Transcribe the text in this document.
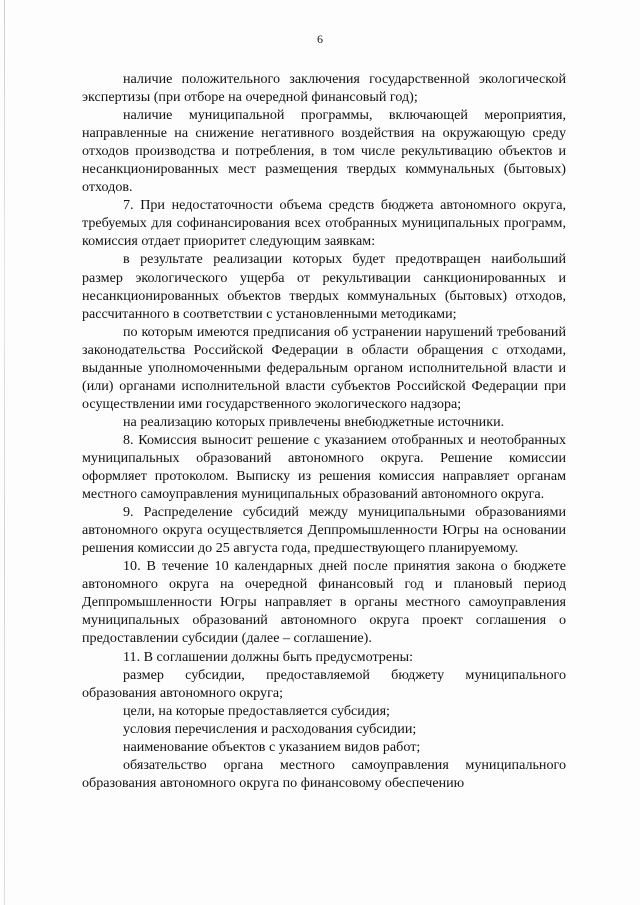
6

наличие положительного заключения государственной экологической экспертизы (при отборе на очередной финансовый год);

наличие муниципальной программы, включающей мероприятия, направленные на снижение негативного воздействия на окружающую среду отходов производства и потребления, в том числе рекультивацию объектов и несанкционированных мест размещения твердых коммунальных (бытовых) отходов.

7. При недостаточности объема средств бюджета автономного округа, требуемых для софинансирования всех отобранных муниципальных программ, комиссия отдает приоритет следующим заявкам:

в результате реализации которых будет предотвращен наибольший размер экологического ущерба от рекультивации санкционированных и несанкционированных объектов твердых коммунальных (бытовых) отходов, рассчитанного в соответствии с установленными методиками;

по которым имеются предписания об устранении нарушений требований законодательства Российской Федерации в области обращения с отходами, выданные уполномоченными федеральным органом исполнительной власти и (или) органами исполнительной власти субъектов Российской Федерации при осуществлении ими государственного экологического надзора;

на реализацию которых привлечены внебюджетные источники.

8. Комиссия выносит решение с указанием отобранных и неотобранных муниципальных образований автономного округа. Решение комиссии оформляет протоколом. Выписку из решения комиссия направляет органам местного самоуправления муниципальных образований автономного округа.

9. Распределение субсидий между муниципальными образованиями автономного округа осуществляется Деппромышленности Югры на основании решения комиссии до 25 августа года, предшествующего планируемому.

10. В течение 10 календарных дней после принятия закона о бюджете автономного округа на очередной финансовый год и плановый период Деппромышленности Югры направляет в органы местного самоуправления муниципальных образований автономного округа проект соглашения о предоставлении субсидии (далее – соглашение).

11. В соглашении должны быть предусмотрены:

размер субсидии, предоставляемой бюджету муниципального образования автономного округа;

цели, на которые предоставляется субсидия;

условия перечисления и расходования субсидии;

наименование объектов с указанием видов работ;

обязательство органа местного самоуправления муниципального образования автономного округа по финансовому обеспечению
